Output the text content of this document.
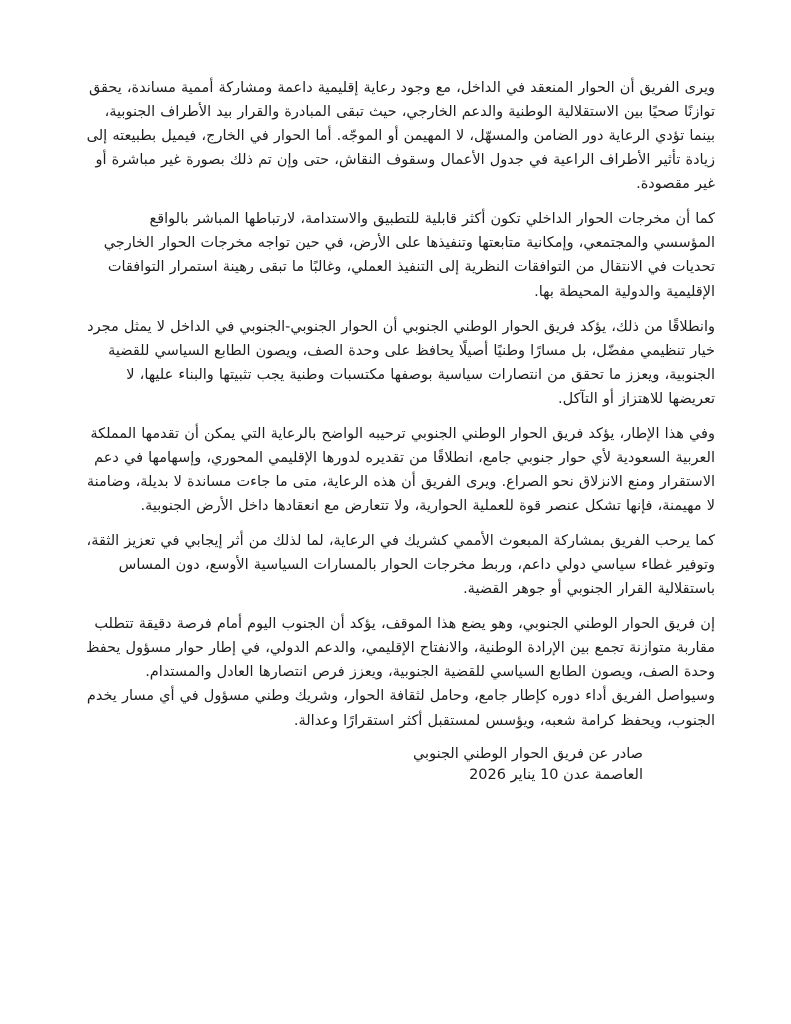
ويرى الفريق أن الحوار المنعقد في الداخل، مع وجود رعاية إقليمية داعمة ومشاركة أممية مساندة، يحقق توازنًا صحيًا بين الاستقلالية الوطنية والدعم الخارجي، حيث تبقى المبادرة والقرار بيد الأطراف الجنوبية، بينما تؤدي الرعاية دور الضامن والمسهّل، لا المهيمن أو الموجّه. أما الحوار في الخارج، فيميل بطبيعته إلى زيادة تأثير الأطراف الراعية في جدول الأعمال وسقوف النقاش، حتى وإن تم ذلك بصورة غير مباشرة أو غير مقصودة.

كما أن مخرجات الحوار الداخلي تكون أكثر قابلية للتطبيق والاستدامة، لارتباطها المباشر بالواقع المؤسسي والمجتمعي، وإمكانية متابعتها وتنفيذها على الأرض، في حين تواجه مخرجات الحوار الخارجي تحديات في الانتقال من التوافقات النظرية إلى التنفيذ العملي، وغالبًا ما تبقى رهينة استمرار التوافقات الإقليمية والدولية المحيطة بها.

وانطلاقًا من ذلك، يؤكد فريق الحوار الوطني الجنوبي أن الحوار الجنوبي-الجنوبي في الداخل لا يمثل مجرد خيار تنظيمي مفضّل، بل مسارًا وطنيًا أصيلًا يحافظ على وحدة الصف، ويصون الطابع السياسي للقضية الجنوبية، ويعزز ما تحقق من انتصارات سياسية بوصفها مكتسبات وطنية يجب تثبيتها والبناء عليها، لا تعريضها للاهتزاز أو التآكل.

وفي هذا الإطار، يؤكد فريق الحوار الوطني الجنوبي ترحيبه الواضح بالرعاية التي يمكن أن تقدمها المملكة العربية السعودية لأي حوار جنوبي جامع، انطلاقًا من تقديره لدورها الإقليمي المحوري، وإسهامها في دعم الاستقرار ومنع الانزلاق نحو الصراع. ويرى الفريق أن هذه الرعاية، متى ما جاءت مساندة لا بديلة، وضامنة لا مهيمنة، فإنها تشكل عنصر قوة للعملية الحوارية، ولا تتعارض مع انعقادها داخل الأرض الجنوبية.

كما يرحب الفريق بمشاركة المبعوث الأممي كشريك في الرعاية، لما لذلك من أثر إيجابي في تعزيز الثقة، وتوفير غطاء سياسي دولي داعم، وربط مخرجات الحوار بالمسارات السياسية الأوسع، دون المساس باستقلالية القرار الجنوبي أو جوهر القضية.

إن فريق الحوار الوطني الجنوبي، وهو يضع هذا الموقف، يؤكد أن الجنوب اليوم أمام فرصة دقيقة تتطلب مقاربة متوازنة تجمع بين الإرادة الوطنية، والانفتاح الإقليمي، والدعم الدولي، في إطار حوار مسؤول يحفظ وحدة الصف، ويصون الطابع السياسي للقضية الجنوبية، ويعزز فرص انتصارها العادل والمستدام. وسيواصل الفريق أداء دوره كإطار جامع، وحامل لثقافة الحوار، وشريك وطني مسؤول في أي مسار يخدم الجنوب، ويحفظ كرامة شعبه، ويؤسس لمستقبل أكثر استقرارًا وعدالة.

صادر عن فريق الحوار الوطني الجنوبي

العاصمة عدن 10 يناير 2026
